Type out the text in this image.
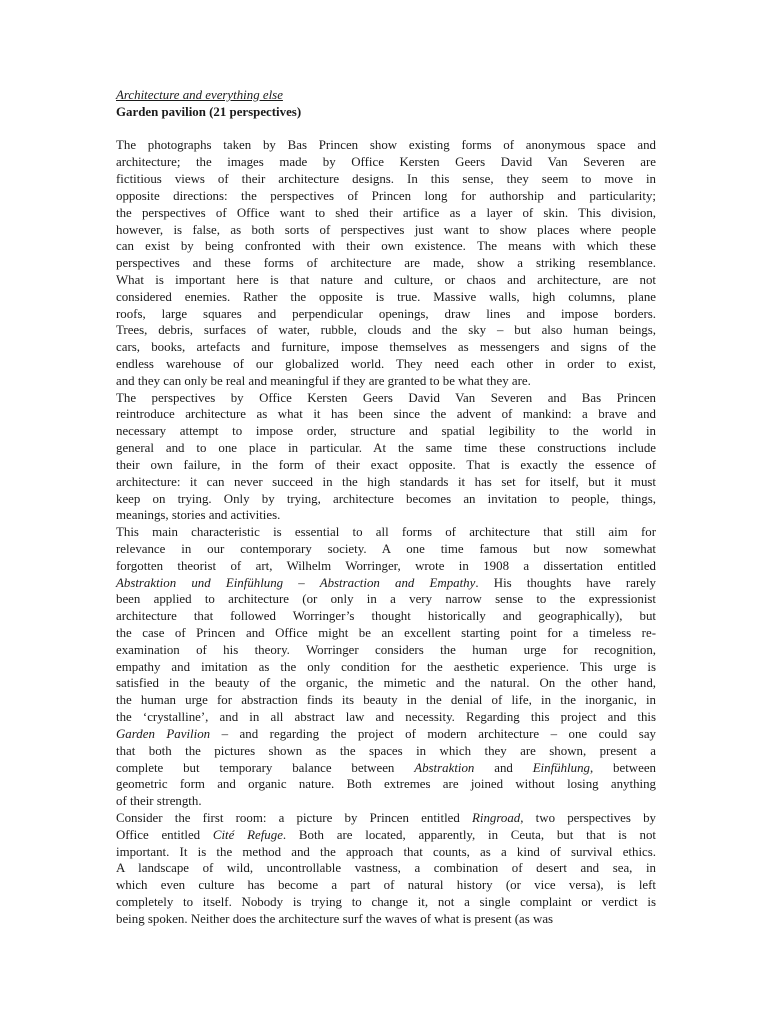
Architecture and everything else
Garden pavilion (21 perspectives)
The photographs taken by Bas Princen show existing forms of anonymous space and
architecture; the images made by Office Kersten Geers David Van Severen are
fictitious views of their architecture designs. In this sense, they seem to move in
opposite directions: the perspectives of Princen long for authorship and particularity;
the perspectives of Office want to shed their artifice as a layer of skin. This division,
however, is false, as both sorts of perspectives just want to show places where people
can exist by being confronted with their own existence. The means with which these
perspectives and these forms of architecture are made, show a striking resemblance.
What is important here is that nature and culture, or chaos and architecture, are not
considered enemies. Rather the opposite is true. Massive walls, high columns, plane
roofs, large squares and perpendicular openings, draw lines and impose borders.
Trees, debris, surfaces of water, rubble, clouds and the sky – but also human beings,
cars, books, artefacts and furniture, impose themselves as messengers and signs of the
endless warehouse of our globalized world. They need each other in order to exist,
and they can only be real and meaningful if they are granted to be what they are.
The perspectives by Office Kersten Geers David Van Severen and Bas Princen
reintroduce architecture as what it has been since the advent of mankind: a brave and
necessary attempt to impose order, structure and spatial legibility to the world in
general and to one place in particular. At the same time these constructions include
their own failure, in the form of their exact opposite. That is exactly the essence of
architecture: it can never succeed in the high standards it has set for itself, but it must
keep on trying. Only by trying, architecture becomes an invitation to people, things,
meanings, stories and activities.
This main characteristic is essential to all forms of architecture that still aim for
relevance in our contemporary society. A one time famous but now somewhat
forgotten theorist of art, Wilhelm Worringer, wrote in 1908 a dissertation entitled
Abstraktion und Einfühlung – Abstraction and Empathy. His thoughts have rarely
been applied to architecture (or only in a very narrow sense to the expressionist
architecture that followed Worringer’s thought historically and geographically), but
the case of Princen and Office might be an excellent starting point for a timeless re-
examination of his theory. Worringer considers the human urge for recognition,
empathy and imitation as the only condition for the aesthetic experience. This urge is
satisfied in the beauty of the organic, the mimetic and the natural. On the other hand,
the human urge for abstraction finds its beauty in the denial of life, in the inorganic, in
the ‘crystalline’, and in all abstract law and necessity. Regarding this project and this
Garden Pavilion – and regarding the project of modern architecture – one could say
that both the pictures shown as the spaces in which they are shown, present a
complete but temporary balance between Abstraktion and Einfühlung, between
geometric form and organic nature. Both extremes are joined without losing anything
of their strength.
Consider the first room: a picture by Princen entitled Ringroad, two perspectives by
Office entitled Cité Refuge. Both are located, apparently, in Ceuta, but that is not
important. It is the method and the approach that counts, as a kind of survival ethics.
A landscape of wild, uncontrollable vastness, a combination of desert and sea, in
which even culture has become a part of natural history (or vice versa), is left
completely to itself. Nobody is trying to change it, not a single complaint or verdict is
being spoken. Neither does the architecture surf the waves of what is present (as was
